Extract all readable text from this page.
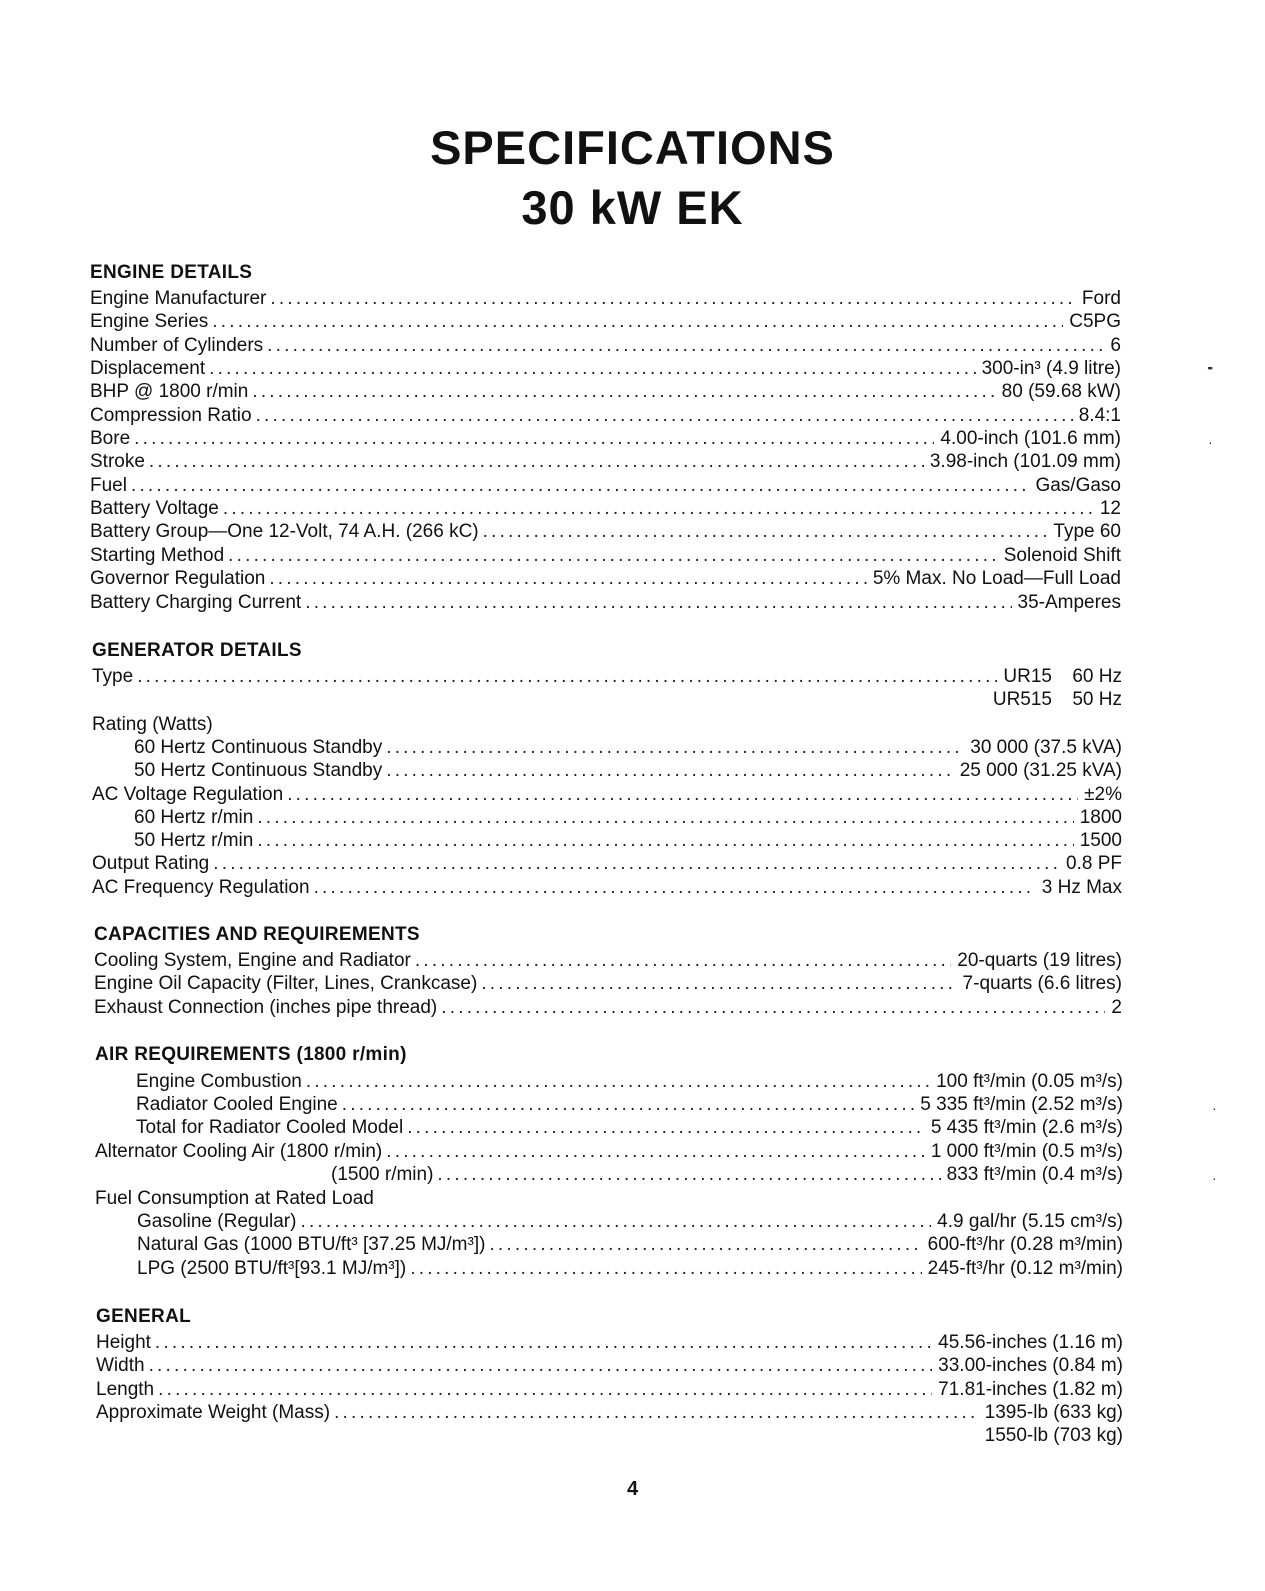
SPECIFICATIONS
30 kW EK
ENGINE DETAILS
Engine Manufacturer .....	Ford
Engine Series .....	C5PG
Number of Cylinders .....	6
Displacement .....	300-in³ (4.9 litre)
BHP @ 1800 r/min .....	80 (59.68 kW)
Compression Ratio .....	8.4:1
Bore .....	4.00-inch (101.6 mm)
Stroke .....	3.98-inch (101.09 mm)
Fuel .....	Gas/Gaso
Battery Voltage .....	12
Battery Group—One 12-Volt, 74 A.H. (266 kC) .....	Type 60
Starting Method .....	Solenoid Shift
Governor Regulation .....	5% Max. No Load—Full Load
Battery Charging Current .....	35-Amperes
GENERATOR DETAILS
Type .....	UR15	60 Hz
UR515	50 Hz
Rating (Watts)
60 Hertz Continuous Standby .....	30 000 (37.5 kVA)
50 Hertz Continuous Standby .....	25 000 (31.25 kVA)
AC Voltage Regulation .....	±2%
60 Hertz r/min .....	1800
50 Hertz r/min .....	1500
Output Rating .....	0.8 PF
AC Frequency Regulation .....	3 Hz Max
CAPACITIES AND REQUIREMENTS
Cooling System, Engine and Radiator .....	20-quarts (19 litres)
Engine Oil Capacity (Filter, Lines, Crankcase) .....	7-quarts (6.6 litres)
Exhaust Connection (inches pipe thread) .....	2
AIR REQUIREMENTS (1800 r/min)
Engine Combustion .....	100 ft³/min (0.05 m³/s)
Radiator Cooled Engine .....	5 335 ft³/min (2.52 m³/s)
Total for Radiator Cooled Model .....	5 435 ft³/min (2.6 m³/s)
Alternator Cooling Air (1800 r/min) .....	1 000 ft³/min (0.5 m³/s)
(1500 r/min) .....	833 ft³/min (0.4 m³/s)
Fuel Consumption at Rated Load
Gasoline (Regular) .....	4.9 gal/hr (5.15 cm³/s)
Natural Gas (1000 BTU/ft³ [37.25 MJ/m³]) .....	600-ft³/hr (0.28 m³/min)
LPG (2500 BTU/ft³[93.1 MJ/m³]) .....	245-ft³/hr (0.12 m³/min)
GENERAL
Height .....	45.56-inches (1.16 m)
Width .....	33.00-inches (0.84 m)
Length .....	71.81-inches (1.82 m)
Approximate Weight (Mass) .....	1395-lb (633 kg)
1550-lb (703 kg)
4
╸
·
·
·
